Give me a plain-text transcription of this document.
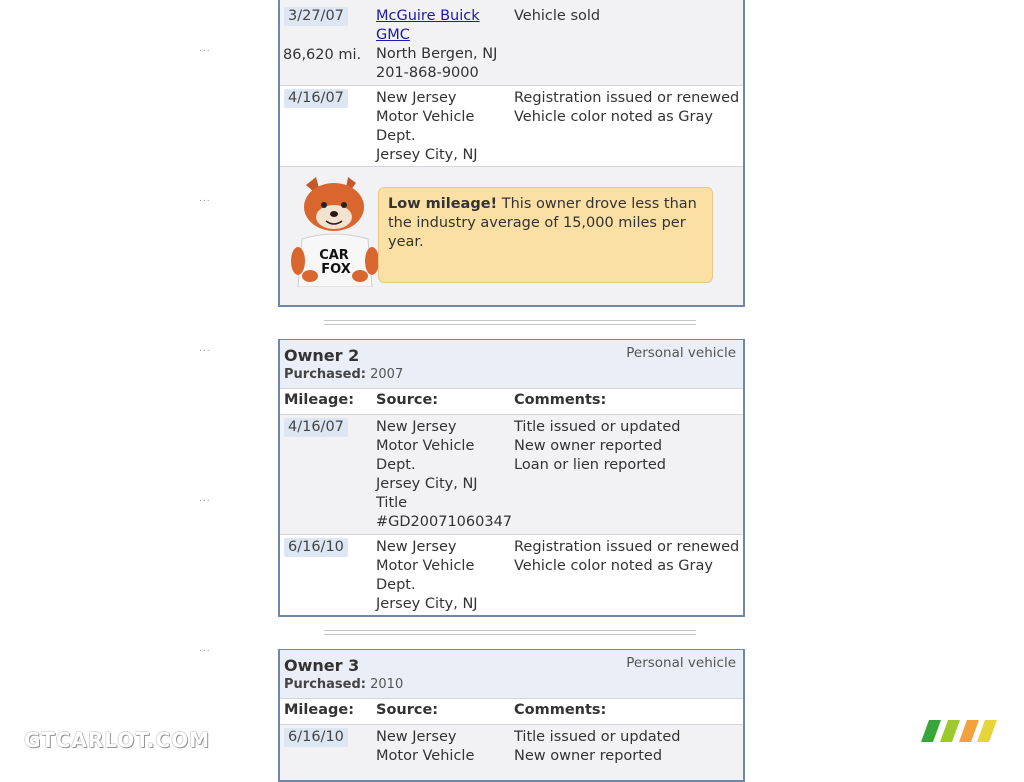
...
...
...
...
...
3/27/07
86,620 mi.
McGuire Buick
GMC
North Bergen, NJ
201-868-9000
Vehicle sold
4/16/07 New Jersey
Motor Vehicle
Dept.
Jersey City, NJ
Registration issued or renewed
Vehicle color noted as Gray
CAR
FOX
Low mileage! This owner drove less than the industry average of 15,000 miles per year.
Owner 2
Purchased: 2007
Personal vehicle
Mileage: Source:	Comments:
4/16/07 New Jersey
Motor Vehicle
Dept.
Jersey City, NJ
Title
#GD20071060347
Title issued or updated
New owner reported
Loan or lien reported
6/16/10 New Jersey
Motor Vehicle
Dept.
Jersey City, NJ
Registration issued or renewed
Vehicle color noted as Gray
Owner 3
Purchased: 2010
Personal vehicle
Mileage: Source:	Comments:
6/16/10 New Jersey
Motor Vehicle
Title issued or updated
New owner reported
GTCARLOT.COM
